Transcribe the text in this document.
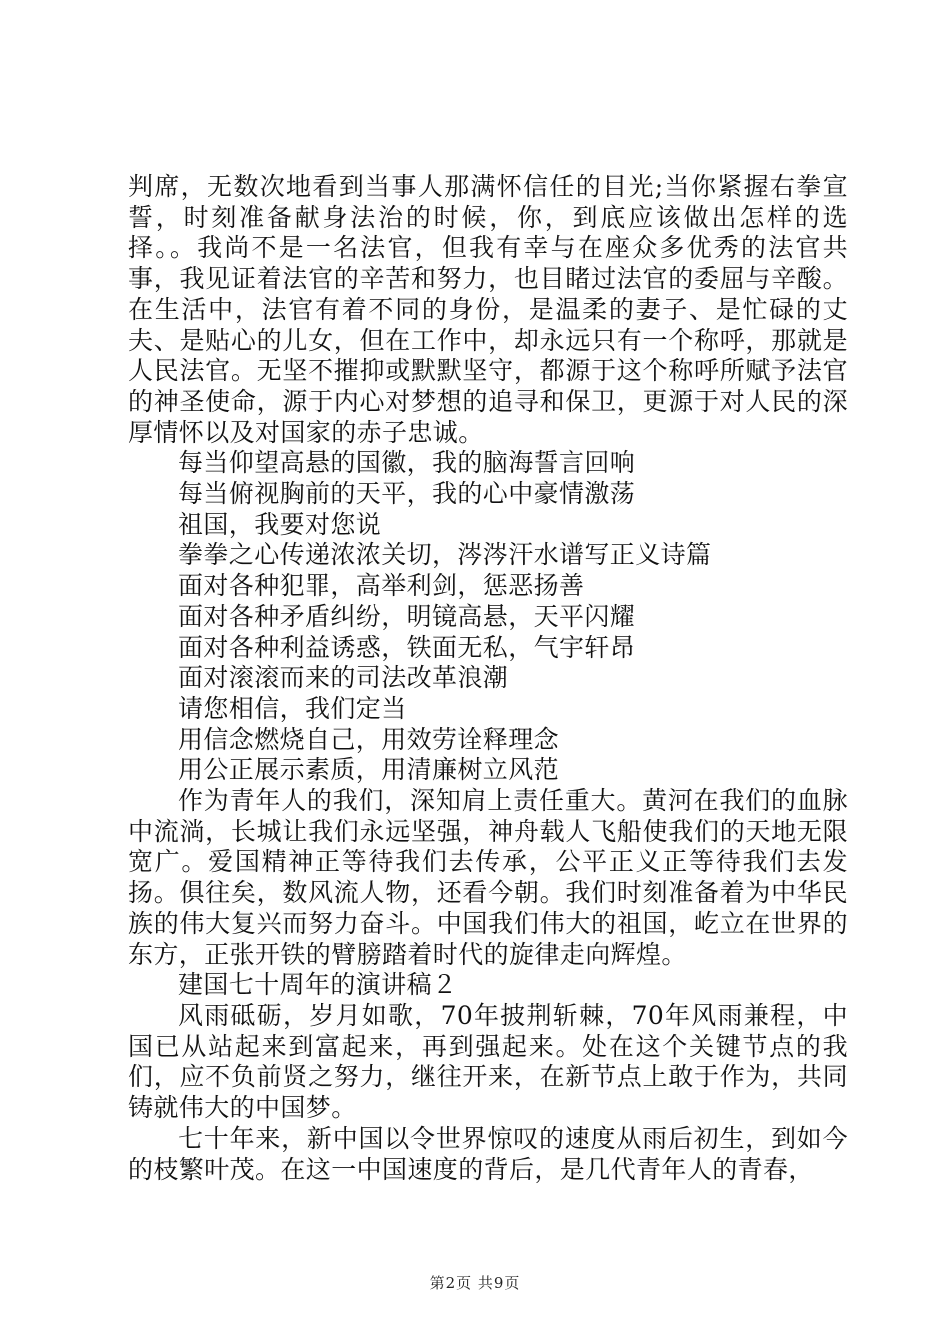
判席，无数次地看到当事人那满怀信任的目光;当你紧握右拳宣誓，时刻准备献身法治的时候，你，到底应该做出怎样的选择。。我尚不是一名法官，但我有幸与在座众多优秀的法官共事，我见证着法官的辛苦和努力，也目睹过法官的委屈与辛酸。在生活中，法官有着不同的身份，是温柔的妻子、是忙碌的丈夫、是贴心的儿女，但在工作中，却永远只有一个称呼，那就是人民法官。无坚不摧抑或默默坚守，都源于这个称呼所赋予法官的神圣使命，源于内心对梦想的追寻和保卫，更源于对人民的深厚情怀以及对国家的赤子忠诚。

每当仰望高悬的国徽，我的脑海誓言回响

每当俯视胸前的天平，我的心中豪情激荡

祖国，我要对您说

拳拳之心传递浓浓关切，涔涔汗水谱写正义诗篇

面对各种犯罪，高举利剑，惩恶扬善

面对各种矛盾纠纷，明镜高悬，天平闪耀

面对各种利益诱惑，铁面无私，气宇轩昂

面对滚滚而来的司法改革浪潮

请您相信，我们定当

用信念燃烧自己，用效劳诠释理念

用公正展示素质，用清廉树立风范

作为青年人的我们，深知肩上责任重大。黄河在我们的血脉中流淌，长城让我们永远坚强，神舟载人飞船使我们的天地无限宽广。爱国精神正等待我们去传承，公平正义正等待我们去发扬。俱往矣，数风流人物，还看今朝。我们时刻准备着为中华民族的伟大复兴而努力奋斗。中国我们伟大的祖国，屹立在世界的东方，正张开铁的臂膀踏着时代的旋律走向辉煌。

建国七十周年的演讲稿２

风雨砥砺，岁月如歌，70年披荆斩棘，70年风雨兼程，中国已从站起来到富起来，再到强起来。处在这个关键节点的我们，应不负前贤之努力，继往开来，在新节点上敢于作为，共同铸就伟大的中国梦。

七十年来，新中国以令世界惊叹的速度从雨后初生，到如今的枝繁叶茂。在这一中国速度的背后，是几代青年人的青春，

第2页 共9页
